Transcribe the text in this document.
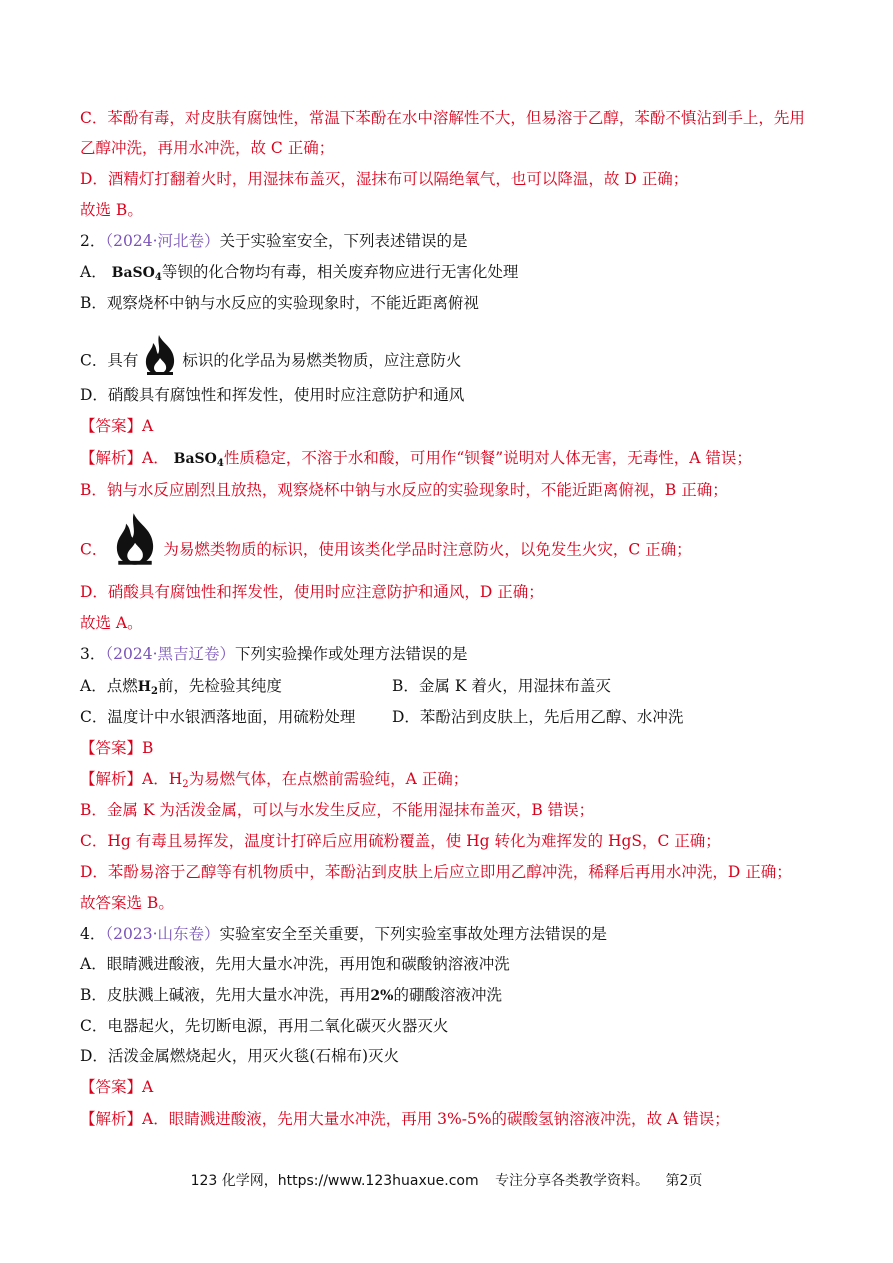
C．苯酚有毒，对皮肤有腐蚀性，常温下苯酚在水中溶解性不大，但易溶于乙醇，苯酚不慎沾到手上，先用
乙醇冲洗，再用水冲洗，故 C 正确；
D．酒精灯打翻着火时，用湿抹布盖灭，湿抹布可以隔绝氧气，也可以降温，故 D 正确；
故选 B。
2．（2024·河北卷）关于实验室安全，下列表述错误的是
A． BaSO$_4$等钡的化合物均有毒，相关废弃物应进行无害化处理
B．观察烧杯中钠与水反应的实验现象时，不能近距离俯视
C．具有	标识的化学品为易燃类物质，应注意防火
D．硝酸具有腐蚀性和挥发性，使用时应注意防护和通风
【答案】A
【解析】A． BaSO$_4$性质稳定，不溶于水和酸，可用作“钡餐”说明对人体无害，无毒性，A 错误；
B．钠与水反应剧烈且放热，观察烧杯中钠与水反应的实验现象时，不能近距离俯视，B 正确；
C．	为易燃类物质的标识，使用该类化学品时注意防火，以免发生火灾，C 正确；
D．硝酸具有腐蚀性和挥发性，使用时应注意防护和通风，D 正确；
故选 A。
3．（2024·黑吉辽卷）下列实验操作或处理方法错误的是
A．点燃$H_2$前，先检验其纯度	B．金属 K 着火，用湿抹布盖灭
C．温度计中水银洒落地面，用硫粉处理 D．苯酚沾到皮肤上，先后用乙醇、水冲洗
【答案】B
【解析】A．$H_2$为易燃气体，在点燃前需验纯，A 正确；
B．金属 K 为活泼金属，可以与水发生反应，不能用湿抹布盖灭，B 错误；
C．Hg 有毒且易挥发，温度计打碎后应用硫粉覆盖，使 Hg 转化为难挥发的 HgS，C 正确；
D．苯酚易溶于乙醇等有机物质中，苯酚沾到皮肤上后应立即用乙醇冲洗，稀释后再用水冲洗，D 正确；
故答案选 B。
4．（2023·山东卷）实验室安全至关重要，下列实验室事故处理方法错误的是
A．眼睛溅进酸液，先用大量水冲洗，再用饱和碳酸钠溶液冲洗
B．皮肤溅上碱液，先用大量水冲洗，再用2%的硼酸溶液冲洗
C．电器起火，先切断电源，再用二氧化碳灭火器灭火
D．活泼金属燃烧起火，用灭火毯(石棉布)灭火
【答案】A
【解析】A．眼睛溅进酸液，先用大量水冲洗，再用 3%-5%的碳酸氢钠溶液冲洗，故 A 错误；
123 化学网，https://www.123huaxue.com 专注分享各类教学资料。 第2页
